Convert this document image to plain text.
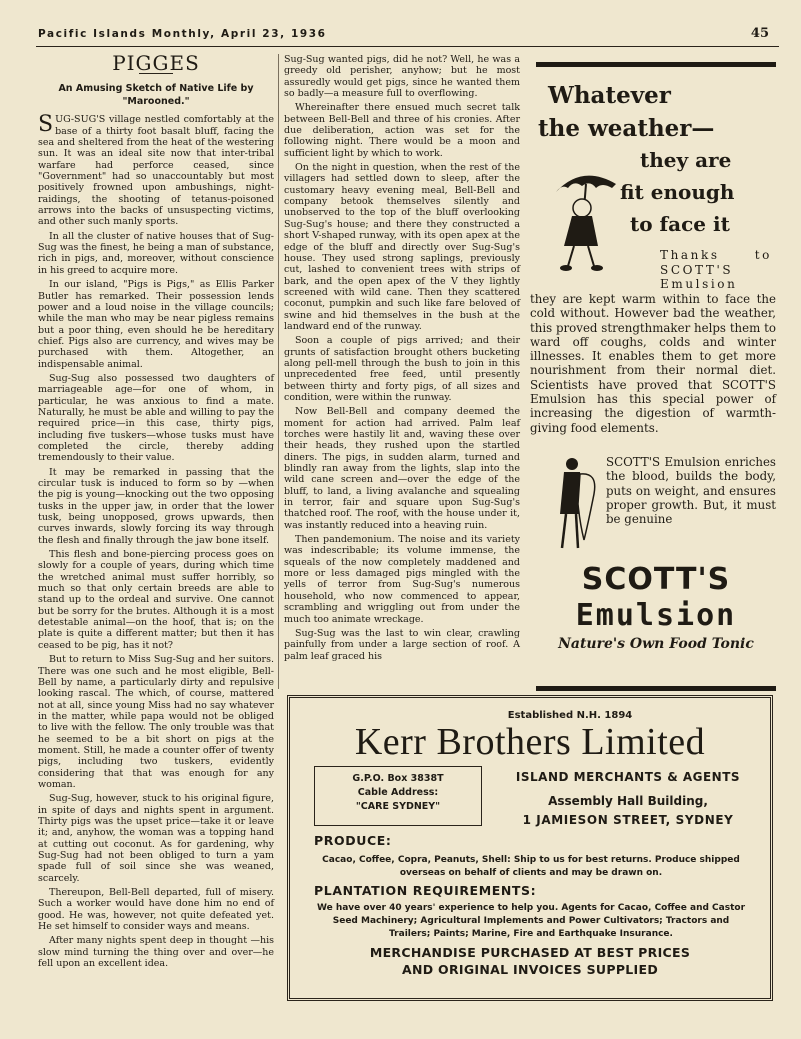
Pacific Islands Monthly, April 23, 1936	45
PIGGES
An Amusing Sketch of Native Life by "Marooned."

SUG-SUG'S village nestled comfortably at the base of a thirty foot basalt bluff, facing the sea and sheltered from the heat of the westering sun. It was an ideal site now that inter-tribal warfare had perforce ceased, since "Government" had so unaccountably but most positively frowned upon ambushings, night-raidings, the shooting of tetanus-poisoned arrows into the backs of unsuspecting victims, and other such manly sports.

In all the cluster of native houses that of Sug-Sug was the finest, he being a man of substance, rich in pigs, and, moreover, without conscience in his greed to acquire more.

In our island, "Pigs is Pigs," as Ellis Parker Butler has remarked. Their possession lends power and a loud noise in the village councils; while the man who may be near pigless remains but a poor thing, even should he be hereditary chief. Pigs also are currency, and wives may be purchased with them. Altogether, an indispensable animal.

Sug-Sug also possessed two daughters of marriageable age—for one of whom, in particular, he was anxious to find a mate. Naturally, he must be able and willing to pay the required price—in this case, thirty pigs, including five tuskers—whose tusks must have completed the circle, thereby adding tremendously to their value.

It may be remarked in passing that the circular tusk is induced to form so by —when the pig is young—knocking out the two opposing tusks in the upper jaw, in order that the lower tusk, being unopposed, grows upwards, then curves inwards, slowly forcing its way through the flesh and finally through the jaw bone itself.

This flesh and bone-piercing process goes on slowly for a couple of years, during which time the wretched animal must suffer horribly, so much so that only certain breeds are able to stand up to the ordeal and survive. One cannot but be sorry for the brutes. Although it is a most detestable animal—on the hoof, that is; on the plate is quite a different matter; but then it has ceased to be pig, has it not?

But to return to Miss Sug-Sug and her suitors. There was one such and he most eligible, Bell-Bell by name, a particularly dirty and repulsive looking rascal. The which, of course, mattered not at all, since young Miss had no say whatever in the matter, while papa would not be obliged to live with the fellow. The only trouble was that he seemed to be a bit short on pigs at the moment. Still, he made a counter offer of twenty pigs, including two tuskers, evidently considering that that was enough for any woman.

Sug-Sug, however, stuck to his original figure, in spite of days and nights spent in argument. Thirty pigs was the upset price—take it or leave it; and, anyhow, the woman was a topping hand at cutting out coconut. As for gardening, why Sug-Sug had not been obliged to turn a yam spade full of soil since she was weaned, scarcely.

Thereupon, Bell-Bell departed, full of misery. Such a worker would have done him no end of good. He was, however, not quite defeated yet. He set himself to consider ways and means.

After many nights spent deep in thought —his slow mind turning the thing over and over—he fell upon an excellent idea.

Sug-Sug wanted pigs, did he not? Well, he was a greedy old perisher, anyhow; but he most assuredly would get pigs, since he wanted them so badly—a measure full to overflowing.

Whereinafter there ensued much secret talk between Bell-Bell and three of his cronies. After due deliberation, action was set for the following night. There would be a moon and sufficient light by which to work.

On the night in question, when the rest of the villagers had settled down to sleep, after the customary heavy evening meal, Bell-Bell and company betook themselves silently and unobserved to the top of the bluff overlooking Sug-Sug's house; and there they constructed a short V-shaped runway, with its open apex at the edge of the bluff and directly over Sug-Sug's house. They used strong saplings, previously cut, lashed to convenient trees with strips of bark, and the open apex of the V they lightly screened with wild cane. Then they scattered coconut, pumpkin and such like fare beloved of swine and hid themselves in the bush at the landward end of the runway.

Soon a couple of pigs arrived; and their grunts of satisfaction brought others bucketing along pell-mell through the bush to join in this unprecedented free feed, until presently between thirty and forty pigs, of all sizes and condition, were within the runway.

Now Bell-Bell and company deemed the moment for action had arrived. Palm leaf torches were hastily lit and, waving these over their heads, they rushed upon the startled diners. The pigs, in sudden alarm, turned and blindly ran away from the lights, slap into the wild cane screen and—over the edge of the bluff, to land, a living avalanche and squealing in terror, fair and square upon Sug-Sug's thatched roof. The roof, with the house under it, was instantly reduced into a heaving ruin.

Then pandemonium. The noise and its variety was indescribable; its volume immense, the squeals of the now completely maddened and more or less damaged pigs mingled with the yells of terror from Sug-Sug's numerous household, who now commenced to appear, scrambling and wriggling out from under the much too animate wreckage.

Sug-Sug was the last to win clear, crawling painfully from under a large section of roof. A palm leaf graced his

Whatever
the weather—
they are
fit enough
to face it
Thanks to SCOTT'S Emulsion
they are kept warm within to face the cold without. However bad the weather, this proved strengthmaker helps them to ward off coughs, colds and winter illnesses. It enables them to get more nourishment from their normal diet. Scientists have proved that SCOTT'S Emulsion has this special power of increasing the digestion of warmth-giving food elements.
SCOTT'S Emulsion enriches the blood, builds the body, puts on weight, and ensures proper growth. But, it must be genuine
SCOTT'S
Emulsion
Nature's Own Food Tonic
Established N.H. 1894
Kerr Brothers Limited
G.P.O. Box 3838T
Cable Address:
"CARE SYDNEY"
ISLAND MERCHANTS & AGENTS
Assembly Hall Building,
1 JAMIESON STREET, SYDNEY
PRODUCE:
Cacao, Coffee, Copra, Peanuts, Shell: Ship to us for best returns. Produce shipped overseas on behalf of clients and may be drawn on.
PLANTATION REQUIREMENTS:
We have over 40 years' experience to help you. Agents for Cacao, Coffee and Castor Seed Machinery; Agricultural Implements and Power Cultivators; Tractors and Trailers; Paints; Marine, Fire and Earthquake Insurance.
MERCHANDISE PURCHASED AT BEST PRICES
AND ORIGINAL INVOICES SUPPLIED
